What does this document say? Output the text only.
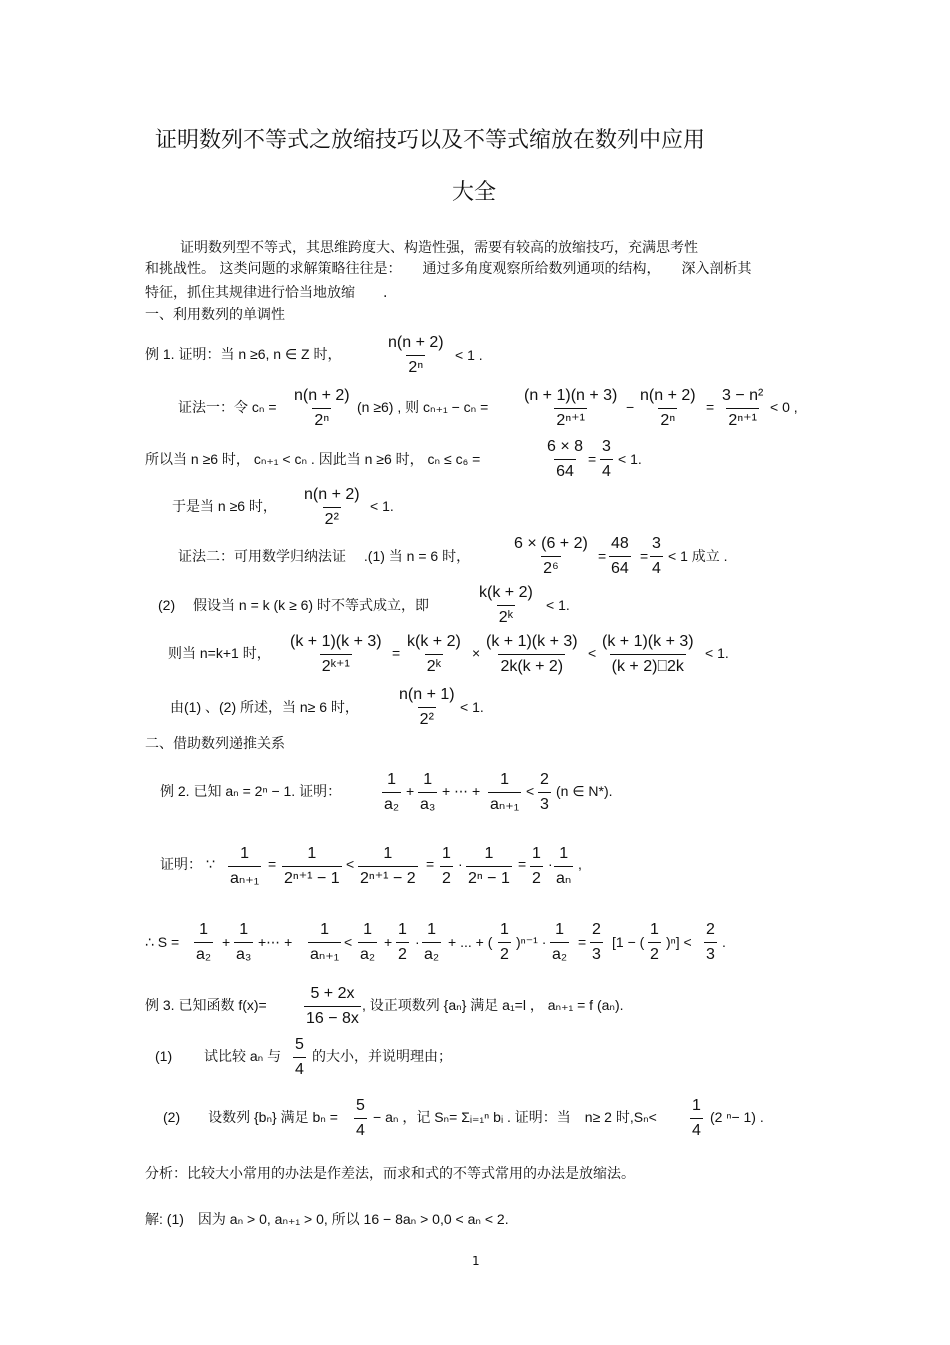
证明数列不等式之放缩技巧以及不等式缩放在数列中应用
大全
证明数列型不等式，其思维跨度大、构造性强，需要有较高的放缩技巧，充满思考性
和挑战性。 这类问题的求解策略往往是：　　通过多角度观察所给数列通项的结构，　　深入剖析其
特征，抓住其规律进行恰当地放缩　　.
一、利用数列的单调性
例 1. 证明：当 n ≥6, n ∈ Z 时，	$\frac{n(n + 2)}{\text{2ⁿ}} < 1$ .
证法一：令 $c_n = \frac{n(n + 2)}{\text{2ⁿ}} (n \ge 6)$ , 则 $c_{n+1} - c_n = \frac{(n + 1)(n + 3)}{\text{2ⁿ⁺¹}} - \frac{n(n + 2)}{\text{2ⁿ}} = \frac{\text{3 − n²}}{\text{2ⁿ⁺¹}} < 0$ ,
所以当 n ≥6 时， cₙ₊₁ < cₙ . 因此当 n ≥6 时， cₙ ≤ c₆ =	$\frac{6 \times 8}{64} = \frac{3}{4} < 1$.
于是当 n ≥6 时， $\frac{n(n + 2)}{\text{2²}} < 1$.
证法二：可用数学归纳法证　 .(1) 当 n = 6 时，	$\frac{6 \times (6 + 2)}{\text{2⁶}} = \frac{48}{64} = \frac{3}{4} < 1$ 成立 .
(2)　 假设当 n = k (k ≥ 6) 时不等式成立，即	$\frac{k(k + 2)}{\text{2ᵏ}} < 1$.
则当 n=k+1 时， $\frac{(k + 1)(k + 3)}{\text{2ᵏ⁺¹}} = \frac{k(k + 2)}{\text{2ᵏ}} \times \frac{(k + 1)(k + 3)}{2k(k + 2)} < \frac{(k + 1)(k + 3)}{(k + 2)⎕2k} < 1$.
由(1) 、(2) 所述，当 n≥ 6 时， $\frac{n(n + 1)}{\text{2²}} < 1$.
二、借助数列递推关系
例 2. 已知 aₙ = 2ⁿ − 1. 证明：	$\frac{1}{\text{a₂}} + \frac{1}{\text{a₃}}$ + ⋯ + $\frac{1}{\text{aₙ₊₁}} < \frac{2}{3} (n$ ∈ N*).
证明： ∵ $\frac{1}{\text{aₙ₊₁}} = \frac{1}{\text{2ⁿ⁺¹ − 1}} < \frac{1}{\text{2ⁿ⁺¹ − 2}} = \frac{1}{2} \cdot \frac{1}{\text{2ⁿ − 1}} = \frac{1}{2} \cdot \frac{1}{\text{aₙ}}$ ,
∴ $S = \frac{1}{\text{a₂}} + \frac{1}{\text{a₃}}$ +⋯ + $\frac{1}{\text{aₙ₊₁}} < \frac{1}{\text{a₂}} + \frac{1}{2} \cdot \frac{1}{\text{a₂}}$ + ... + ( $\frac{1}{2} )^{n-1} \cdot \frac{1}{\text{a₂}} = \frac{2}{3} [1$ − ( $\frac{1}{2} )^n] < \frac{2}{3}$ .
例 3. 已知函数 $f(x)= \frac{5 + 2x}{16 - 8x}$ , 设正项数列 {aₙ} 满足 a₁=l ， aₙ₊₁ = f (aₙ).
(1)　　 试比较 aₙ 与 $\frac{5}{4}$ 的大小，并说明理由；
(2)　　设数列 {bₙ} 满足 $b_n = \frac{5}{4} - a_n$ ，记 Sₙ= Σᵢ₌₁ⁿ bᵢ . 证明：当　n≥ 2 时$,S_n< \frac{1}{4} (2$ ⁿ− 1) .
分析：比较大小常用的办法是作差法，而求和式的不等式常用的办法是放缩法。
解: (1)　因为 aₙ > 0, aₙ₊₁ > 0, 所以 16 − 8aₙ > 0,0 < aₙ < 2.
1
